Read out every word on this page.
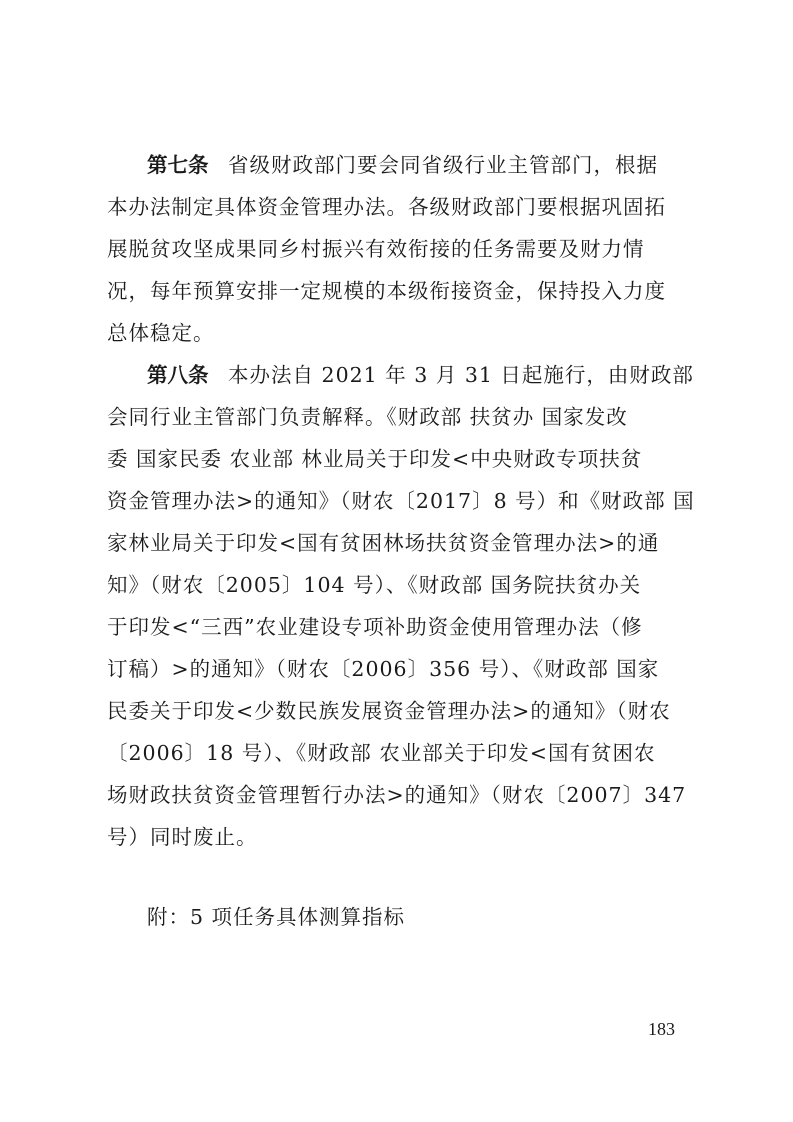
第七条 省级财政部门要会同省级行业主管部门，根据
本办法制定具体资金管理办法。各级财政部门要根据巩固拓
展脱贫攻坚成果同乡村振兴有效衔接的任务需要及财力情
况，每年预算安排一定规模的本级衔接资金，保持投入力度
总体稳定。
第八条 本办法自 2021 年 3 月 31 日起施行，由财政部
会同行业主管部门负责解释。《财政部 扶贫办 国家发改
委 国家民委 农业部 林业局关于印发<中央财政专项扶贫
资金管理办法>的通知》（财农〔2017〕8 号）和《财政部 国
家林业局关于印发<国有贫困林场扶贫资金管理办法>的通
知》（财农〔2005〕104 号）、《财政部 国务院扶贫办关
于印发<“三西”农业建设专项补助资金使用管理办法（修
订稿）>的通知》（财农〔2006〕356 号）、《财政部 国家
民委关于印发<少数民族发展资金管理办法>的通知》（财农
〔2006〕18 号）、《财政部 农业部关于印发<国有贫困农
场财政扶贫资金管理暂行办法>的通知》（财农〔2007〕347
号）同时废止。
附：5 项任务具体测算指标
183
